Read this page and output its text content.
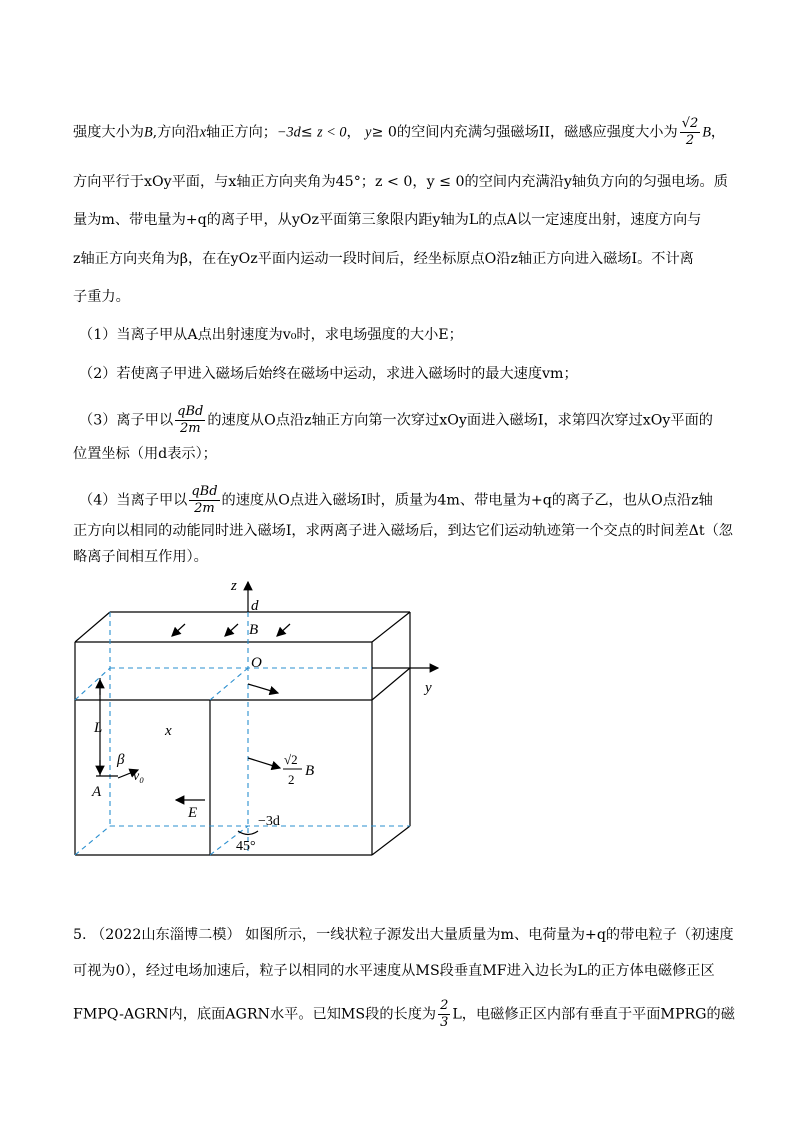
强度大小为B,方向沿x轴正方向；−3d≤ z < 0， y≥ 0的空间内充满匀强磁场II，磁感应强度大小为 $\frac{√2}{2}$ B，
方向平行于xOy平面，与x轴正方向夹角为45°；z < 0，y ≤ 0的空间内充满沿y轴负方向的匀强电场。质
量为m、带电量为+q的离子甲，从yOz平面第三象限内距y轴为L的点A以一定速度出射，速度方向与
z轴正方向夹角为β，在在yOz平面内运动一段时间后，经坐标原点O沿z轴正方向进入磁场I。不计离
子重力。
（1）当离子甲从A点出射速度为v₀时，求电场强度的大小E；
（2）若使离子甲进入磁场后始终在磁场中运动，求进入磁场时的最大速度vm；
（3）离子甲以 $\frac{\text{qBd}}{2m}$ 的速度从O点沿z轴正方向第一次穿过xOy面进入磁场I，求第四次穿过xOy平面的
位置坐标（用d表示）；
（4）当离子甲以 $\frac{\text{qBd}}{2m}$ 的速度从O点进入磁场I时，质量为4m、带电量为+q的离子乙，也从O点沿z轴
正方向以相同的动能同时进入磁场I，求两离子进入磁场后，到达它们运动轨迹第一个交点的时间差Δt（忽
略离子间相互作用）。
z
d
B
O
y
L	x
β
v₀
A
E
√2
2
B
−3d
45°
5. （2022山东淄博二模） 如图所示，一线状粒子源发出大量质量为m、电荷量为+q的带电粒子（初速度
可视为0），经过电场加速后，粒子以相同的水平速度从MS段垂直MF进入边长为L的正方体电磁修正区
FMPQ-AGRN内，底面AGRN水平。已知MS段的长度为 $\frac{2}{3}$ L，电磁修正区内部有垂直于平面MPRG的磁
